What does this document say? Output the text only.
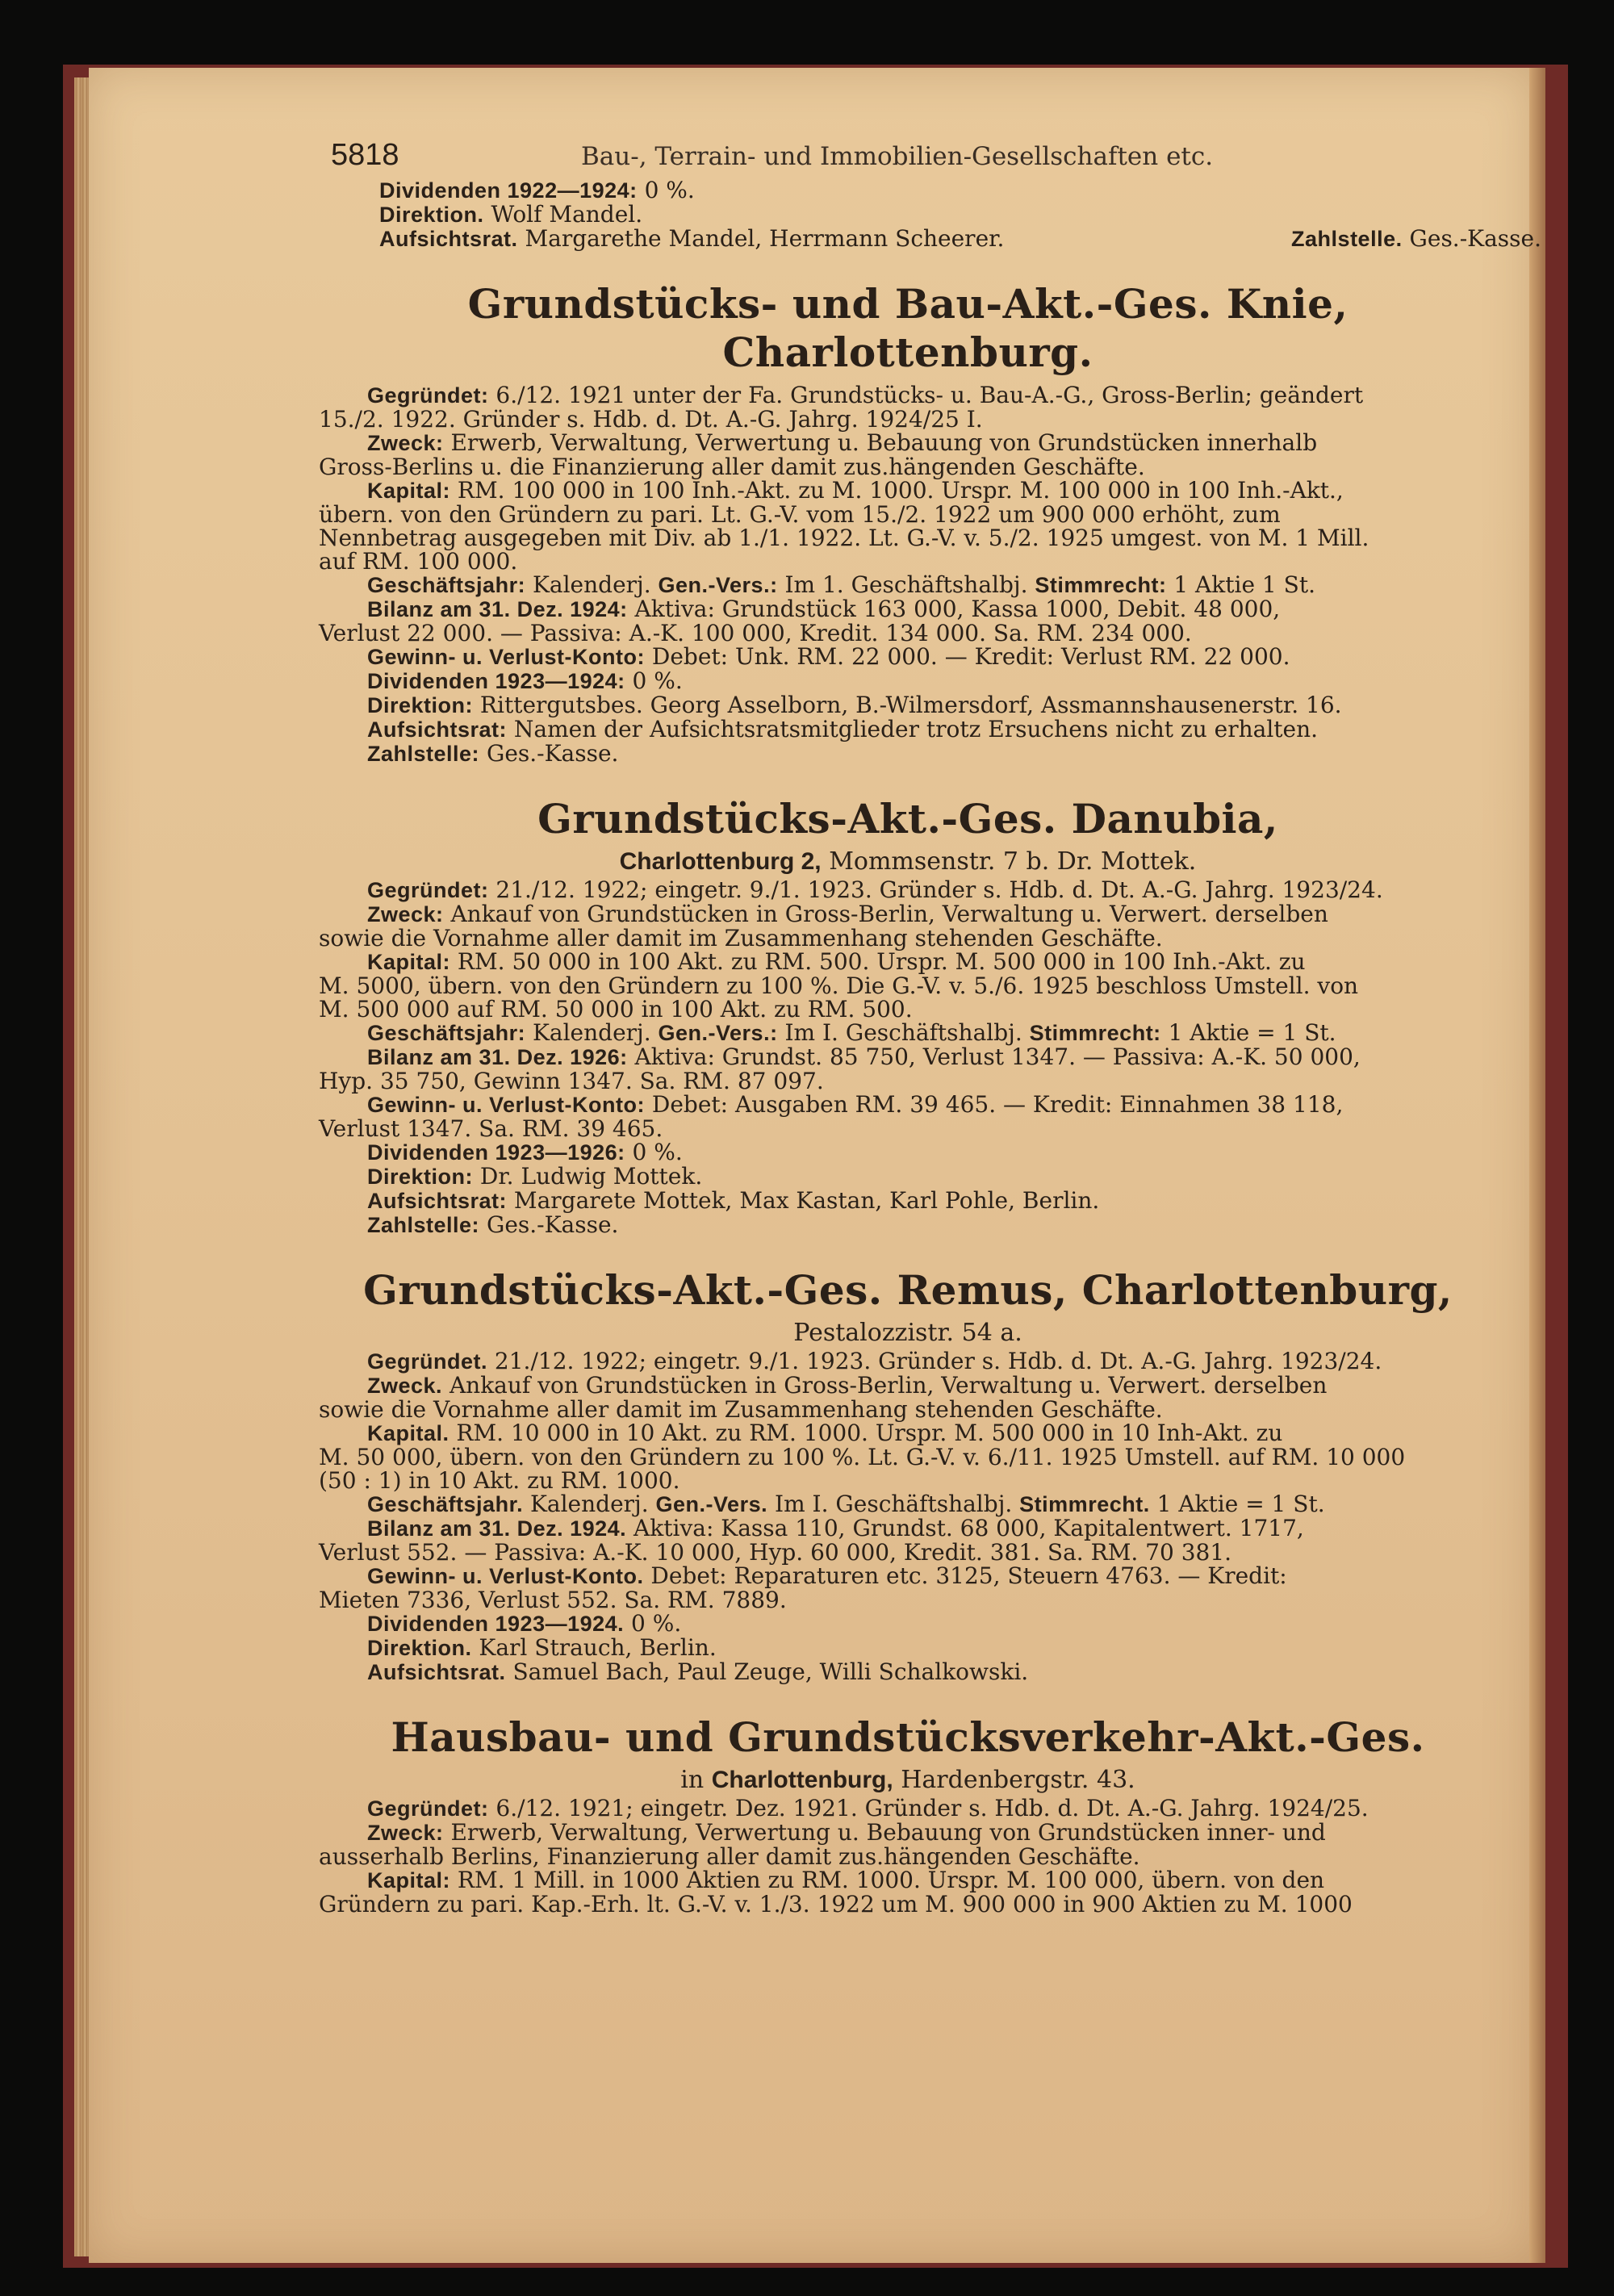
5818	Bau-, Terrain- und Immobilien-Gesellschaften etc.
Dividenden 1922—1924: 0 %.
Direktion. Wolf Mandel.
Aufsichtsrat. Margarethe Mandel, Herrmann Scheerer.	Zahlstelle. Ges.-Kasse.
Grundstücks- und Bau-Akt.-Ges. Knie, Charlottenburg.
Gegründet: 6./12. 1921 unter der Fa. Grundstücks- u. Bau-A.-G., Gross-Berlin; geändert
15./2. 1922. Gründer s. Hdb. d. Dt. A.-G. Jahrg. 1924/25 I.
Zweck: Erwerb, Verwaltung, Verwertung u. Bebauung von Grundstücken innerhalb
Gross-Berlins u. die Finanzierung aller damit zus.hängenden Geschäfte.
Kapital: RM. 100 000 in 100 Inh.-Akt. zu M. 1000. Urspr. M. 100 000 in 100 Inh.-Akt.,
übern. von den Gründern zu pari. Lt. G.-V. vom 15./2. 1922 um 900 000 erhöht, zum
Nennbetrag ausgegeben mit Div. ab 1./1. 1922. Lt. G.-V. v. 5./2. 1925 umgest. von M. 1 Mill.
auf RM. 100 000.
Geschäftsjahr: Kalenderj. Gen.-Vers.: Im 1. Geschäftshalbj. Stimmrecht: 1 Aktie 1 St.
Bilanz am 31. Dez. 1924: Aktiva: Grundstück 163 000, Kassa 1000, Debit. 48 000,
Verlust 22 000. — Passiva: A.-K. 100 000, Kredit. 134 000. Sa. RM. 234 000.
Gewinn- u. Verlust-Konto: Debet: Unk. RM. 22 000. — Kredit: Verlust RM. 22 000.
Dividenden 1923—1924: 0 %.
Direktion: Rittergutsbes. Georg Asselborn, B.-Wilmersdorf, Assmannshausenerstr. 16.
Aufsichtsrat: Namen der Aufsichtsratsmitglieder trotz Ersuchens nicht zu erhalten.
Zahlstelle: Ges.-Kasse.
Grundstücks-Akt.-Ges. Danubia,
Charlottenburg 2, Mommsenstr. 7 b. Dr. Mottek.
Gegründet: 21./12. 1922; eingetr. 9./1. 1923. Gründer s. Hdb. d. Dt. A.-G. Jahrg. 1923/24.
Zweck: Ankauf von Grundstücken in Gross-Berlin, Verwaltung u. Verwert. derselben
sowie die Vornahme aller damit im Zusammenhang stehenden Geschäfte.
Kapital: RM. 50 000 in 100 Akt. zu RM. 500. Urspr. M. 500 000 in 100 Inh.-Akt. zu
M. 5000, übern. von den Gründern zu 100 %. Die G.-V. v. 5./6. 1925 beschloss Umstell. von
M. 500 000 auf RM. 50 000 in 100 Akt. zu RM. 500.
Geschäftsjahr: Kalenderj. Gen.-Vers.: Im I. Geschäftshalbj. Stimmrecht: 1 Aktie = 1 St.
Bilanz am 31. Dez. 1926: Aktiva: Grundst. 85 750, Verlust 1347. — Passiva: A.-K. 50 000,
Hyp. 35 750, Gewinn 1347. Sa. RM. 87 097.
Gewinn- u. Verlust-Konto: Debet: Ausgaben RM. 39 465. — Kredit: Einnahmen 38 118,
Verlust 1347. Sa. RM. 39 465.
Dividenden 1923—1926: 0 %.
Direktion: Dr. Ludwig Mottek.
Aufsichtsrat: Margarete Mottek, Max Kastan, Karl Pohle, Berlin.
Zahlstelle: Ges.-Kasse.
Grundstücks-Akt.-Ges. Remus, Charlottenburg,
Pestalozzistr. 54 a.
Gegründet. 21./12. 1922; eingetr. 9./1. 1923. Gründer s. Hdb. d. Dt. A.-G. Jahrg. 1923/24.
Zweck. Ankauf von Grundstücken in Gross-Berlin, Verwaltung u. Verwert. derselben
sowie die Vornahme aller damit im Zusammenhang stehenden Geschäfte.
Kapital. RM. 10 000 in 10 Akt. zu RM. 1000. Urspr. M. 500 000 in 10 Inh-Akt. zu
M. 50 000, übern. von den Gründern zu 100 %. Lt. G.-V. v. 6./11. 1925 Umstell. auf RM. 10 000
(50 : 1) in 10 Akt. zu RM. 1000.
Geschäftsjahr. Kalenderj. Gen.-Vers. Im I. Geschäftshalbj. Stimmrecht. 1 Aktie = 1 St.
Bilanz am 31. Dez. 1924. Aktiva: Kassa 110, Grundst. 68 000, Kapitalentwert. 1717,
Verlust 552. — Passiva: A.-K. 10 000, Hyp. 60 000, Kredit. 381. Sa. RM. 70 381.
Gewinn- u. Verlust-Konto. Debet: Reparaturen etc. 3125, Steuern 4763. — Kredit:
Mieten 7336, Verlust 552. Sa. RM. 7889.
Dividenden 1923—1924. 0 %.
Direktion. Karl Strauch, Berlin.
Aufsichtsrat. Samuel Bach, Paul Zeuge, Willi Schalkowski.
Hausbau- und Grundstücksverkehr-Akt.-Ges.
in Charlottenburg, Hardenbergstr. 43.
Gegründet: 6./12. 1921; eingetr. Dez. 1921. Gründer s. Hdb. d. Dt. A.-G. Jahrg. 1924/25.
Zweck: Erwerb, Verwaltung, Verwertung u. Bebauung von Grundstücken inner- und
ausserhalb Berlins, Finanzierung aller damit zus.hängenden Geschäfte.
Kapital: RM. 1 Mill. in 1000 Aktien zu RM. 1000. Urspr. M. 100 000, übern. von den
Gründern zu pari. Kap.-Erh. lt. G.-V. v. 1./3. 1922 um M. 900 000 in 900 Aktien zu M. 1000
